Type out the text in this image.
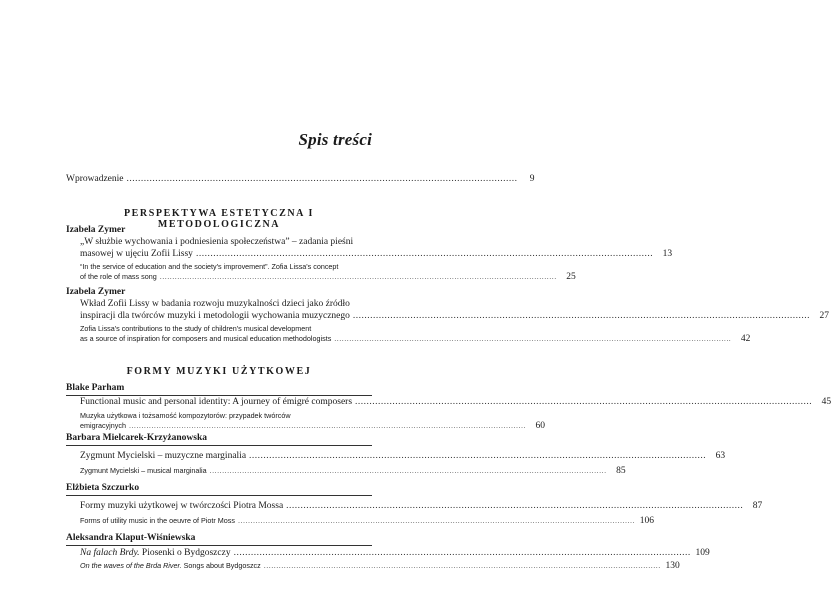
Spis treści
Wprowadzenie ........................................................................................................................................	9
PERSPEKTYWA ESTETYCZNA I METODOLOGICZNA
Izabela Zymer
„W służbie wychowania i podniesienia społeczeństwa” – zadania pieśni
masowej w ujęciu Zofii Lissy ...............................................................................................................................................................	13
“In the service of education and the society's improvement”. Zofia Lissa's concept
of the role of mass song ...............................................................................................................................................................	25
Izabela Zymer
Wkład Zofii Lissy w badania rozwoju muzykalności dzieci jako źródło
inspiracji dla twórców muzyki i metodologii wychowania muzycznego ...............................................................................................................................................................	27
Zofia Lissa's contributions to the study of children's musical development
as a source of inspiration for composers and musical education methodologists ...............................................................................................................................................................	42
FORMY MUZYKI UŻYTKOWEJ
Blake Parham
Functional music and personal identity: A journey of émigré composers ...............................................................................................................................................................	45
Muzyka użytkowa i tożsamość kompozytorów: przypadek twórców
emigracyjnych ...............................................................................................................................................................	60
Barbara Mielcarek-Krzyżanowska
Zygmunt Mycielski – muzyczne marginalia ...............................................................................................................................................................	63
Zygmunt Mycielski – musical marginalia ...............................................................................................................................................................	85
Elżbieta Szczurko
Formy muzyki użytkowej w twórczości Piotra Mossa ...............................................................................................................................................................	87
Forms of utility music in the oeuvre of Piotr Moss ............................................................................................................................................................... 106
Aleksandra Klaput-Wiśniewska
Na falach Brdy. Piosenki o Bydgoszczy ............................................................................................................................................................... 109
On the waves of the Brda River. Songs about Bydgoszcz ............................................................................................................................................................... 130
